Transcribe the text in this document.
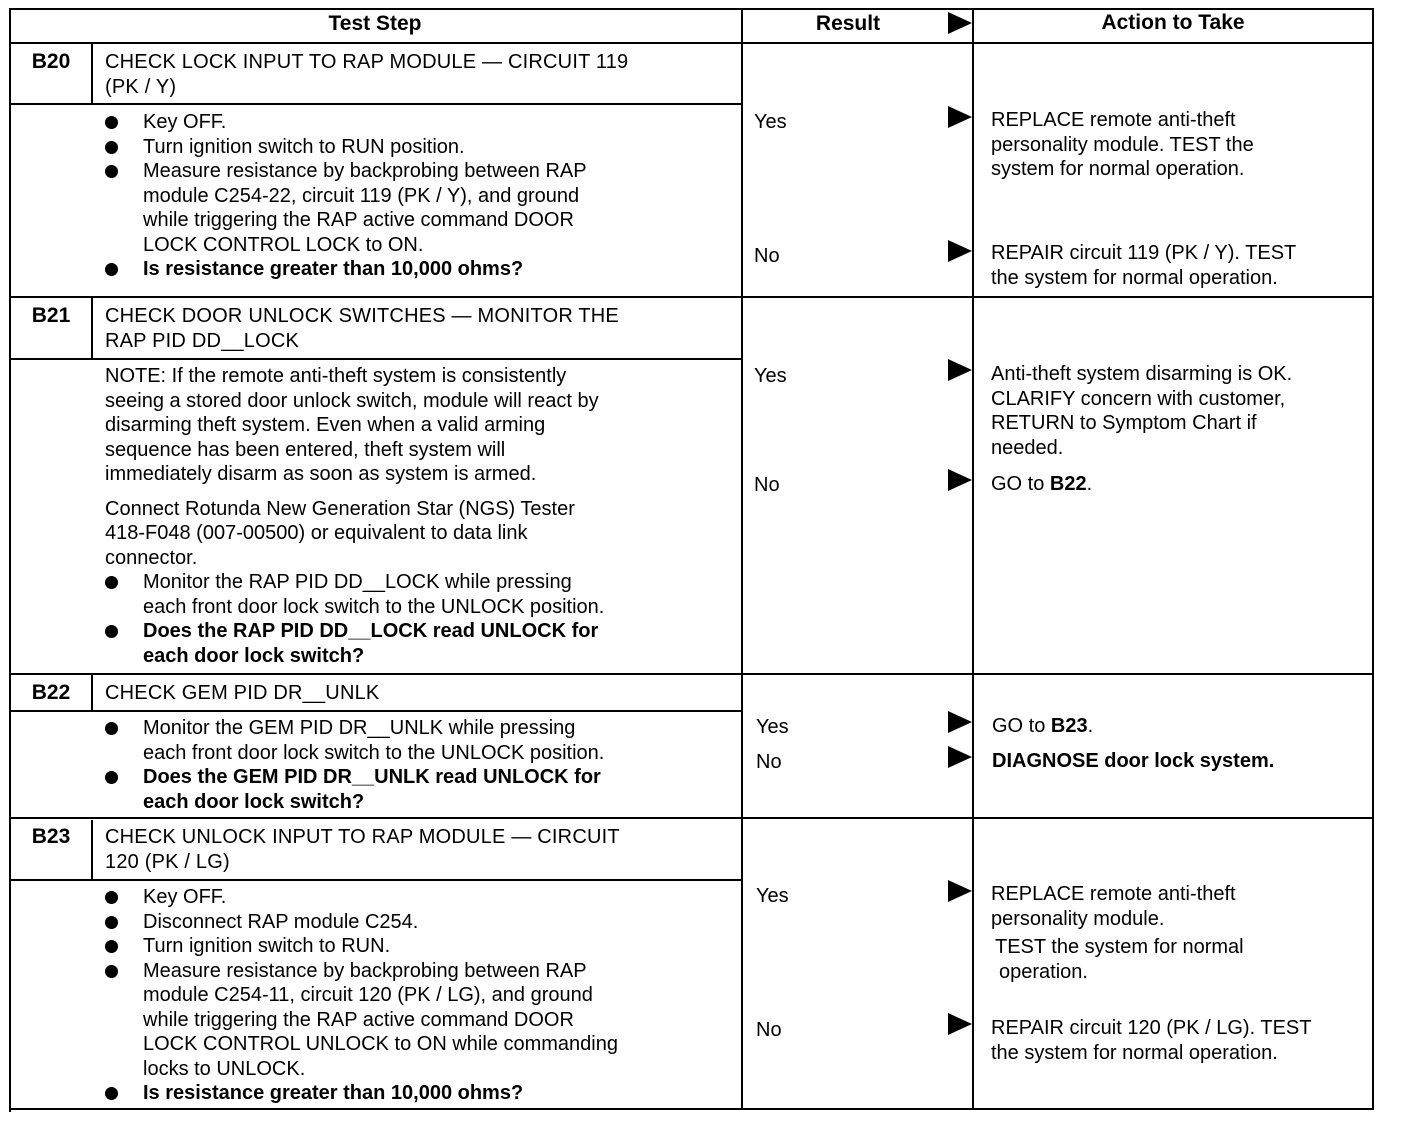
Test Step	Result	Action to Take
B20	CHECK LOCK INPUT TO RAP MODULE — CIRCUIT 119
(PK / Y)
Key OFF.
Turn ignition switch to RUN position.
Measure resistance by backprobing between RAP
module C254-22, circuit 119 (PK / Y), and ground
while triggering the RAP active command DOOR
LOCK CONTROL LOCK to ON.
Is resistance greater than 10,000 ohms?
Yes	REPLACE remote anti-theft
personality module. TEST the
system for normal operation.
No	REPAIR circuit 119 (PK / Y). TEST
the system for normal operation.
B21	CHECK DOOR UNLOCK SWITCHES — MONITOR THE
RAP PID DD__LOCK
NOTE: If the remote anti-theft system is consistently
seeing a stored door unlock switch, module will react by
disarming theft system. Even when a valid arming
sequence has been entered, theft system will
immediately disarm as soon as system is armed.
Connect Rotunda New Generation Star (NGS) Tester
418-F048 (007-00500) or equivalent to data link
connector.
Monitor the RAP PID DD__LOCK while pressing
each front door lock switch to the UNLOCK position.
Does the RAP PID DD__LOCK read UNLOCK for
each door lock switch?
Yes	Anti-theft system disarming is OK.
CLARIFY concern with customer,
RETURN to Symptom Chart if
needed.
No	GO to B22.
B22	CHECK GEM PID DR__UNLK
Monitor the GEM PID DR__UNLK while pressing
each front door lock switch to the UNLOCK position.
Does the GEM PID DR__UNLK read UNLOCK for
each door lock switch?
Yes	GO to B23.
No	DIAGNOSE door lock system.
B23	CHECK UNLOCK INPUT TO RAP MODULE — CIRCUIT
120 (PK / LG)
Key OFF.
Disconnect RAP module C254.
Turn ignition switch to RUN.
Measure resistance by backprobing between RAP
module C254-11, circuit 120 (PK / LG), and ground
while triggering the RAP active command DOOR
LOCK CONTROL UNLOCK to ON while commanding
locks to UNLOCK.
Is resistance greater than 10,000 ohms?
Yes	REPLACE remote anti-theft
personality module.
TEST the system for normal
operation.
No	REPAIR circuit 120 (PK / LG). TEST
the system for normal operation.
